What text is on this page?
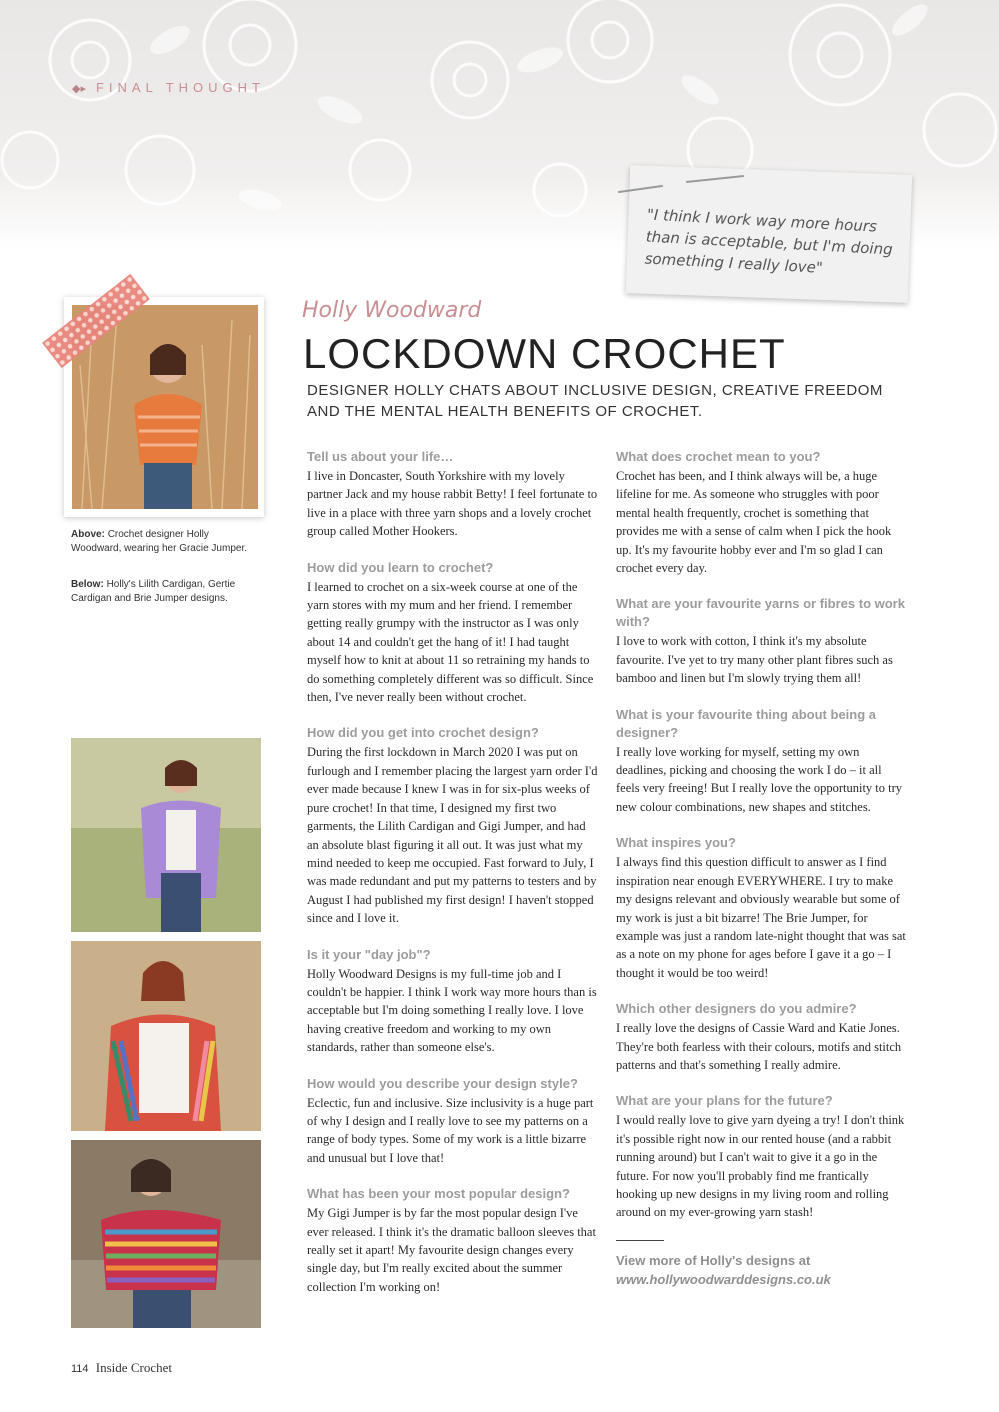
◆▸ FINAL THOUGHT

"I think I work way more hours than is acceptable, but I'm doing something I really love"

Above: Crochet designer Holly Woodward, wearing her Gracie Jumper.
Below: Holly's Lilith Cardigan, Gertie Cardigan and Brie Jumper designs.
Holly Woodward
LOCKDOWN CROCHET
DESIGNER HOLLY CHATS ABOUT INCLUSIVE DESIGN, CREATIVE FREEDOM AND THE MENTAL HEALTH BENEFITS OF CROCHET.
Tell us about your life…

I live in Doncaster, South Yorkshire with my lovely partner Jack and my house rabbit Betty! I feel fortunate to live in a place with three yarn shops and a lovely crochet group called Mother Hookers.

How did you learn to crochet?

I learned to crochet on a six-week course at one of the yarn stores with my mum and her friend. I remember getting really grumpy with the instructor as I was only about 14 and couldn't get the hang of it! I had taught myself how to knit at about 11 so retraining my hands to do something completely different was so difficult. Since then, I've never really been without crochet.

How did you get into crochet design?

During the first lockdown in March 2020 I was put on furlough and I remember placing the largest yarn order I'd ever made because I knew I was in for six-plus weeks of pure crochet! In that time, I designed my first two garments, the Lilith Cardigan and Gigi Jumper, and had an absolute blast figuring it all out. It was just what my mind needed to keep me occupied. Fast forward to July, I was made redundant and put my patterns to testers and by August I had published my first design! I haven't stopped since and I love it.

Is it your "day job"?

Holly Woodward Designs is my full-time job and I couldn't be happier. I think I work way more hours than is acceptable but I'm doing something I really love. I love having creative freedom and working to my own standards, rather than someone else's.

How would you describe your design style?

Eclectic, fun and inclusive. Size inclusivity is a huge part of why I design and I really love to see my patterns on a range of body types. Some of my work is a little bizarre and unusual but I love that!

What has been your most popular design?

My Gigi Jumper is by far the most popular design I've ever released. I think it's the dramatic balloon sleeves that really set it apart! My favourite design changes every single day, but I'm really excited about the summer collection I'm working on!

What does crochet mean to you?

Crochet has been, and I think always will be, a huge lifeline for me. As someone who struggles with poor mental health frequently, crochet is something that provides me with a sense of calm when I pick the hook up. It's my favourite hobby ever and I'm so glad I can crochet every day.

What are your favourite yarns or fibres to work with?

I love to work with cotton, I think it's my absolute favourite. I've yet to try many other plant fibres such as bamboo and linen but I'm slowly trying them all!

What is your favourite thing about being a designer?

I really love working for myself, setting my own deadlines, picking and choosing the work I do – it all feels very freeing! But I really love the opportunity to try new colour combinations, new shapes and stitches.

What inspires you?

I always find this question difficult to answer as I find inspiration near enough EVERYWHERE. I try to make my designs relevant and obviously wearable but some of my work is just a bit bizarre! The Brie Jumper, for example was just a random late-night thought that was sat as a note on my phone for ages before I gave it a go – I thought it would be too weird!

Which other designers do you admire?

I really love the designs of Cassie Ward and Katie Jones. They're both fearless with their colours, motifs and stitch patterns and that's something I really admire.

What are your plans for the future?

I would really love to give yarn dyeing a try! I don't think it's possible right now in our rented house (and a rabbit running around) but I can't wait to give it a go in the future. For now you'll probably find me frantically hooking up new designs in my living room and rolling around on my ever-growing yarn stash!

View more of Holly's designs at
www.hollywoodwarddesigns.co.uk
114 Inside Crochet
